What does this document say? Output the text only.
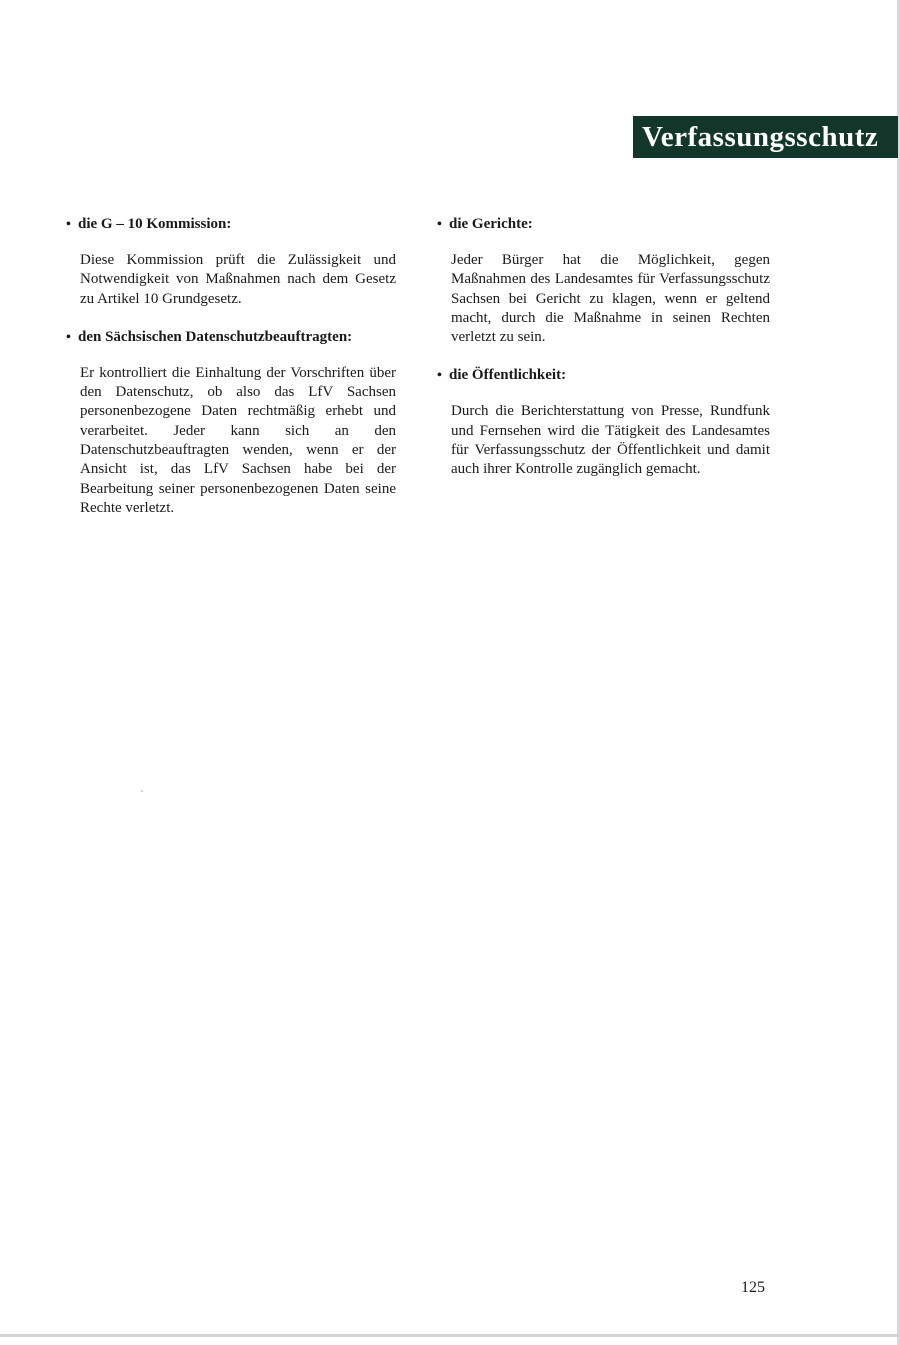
Verfassungsschutz
• die G – 10 Kommission:

Diese Kommission prüft die Zulässigkeit und Notwendigkeit von Maßnahmen nach dem Gesetz zu Artikel 10 Grundgesetz.

• den Sächsischen Datenschutzbeauftragten:

Er kontrolliert die Einhaltung der Vorschriften über den Datenschutz, ob also das LfV Sachsen personenbezogene Daten rechtmäßig erhebt und verarbeitet. Jeder kann sich an den Datenschutzbeauftragten wenden, wenn er der Ansicht ist, das LfV Sachsen habe bei der Bearbeitung seiner personenbezogenen Daten seine Rechte verletzt.

• die Gerichte:

Jeder Bürger hat die Möglichkeit, gegen Maßnahmen des Landesamtes für Verfassungsschutz Sachsen bei Gericht zu klagen, wenn er geltend macht, durch die Maßnahme in seinen Rechten verletzt zu sein.

• die Öffentlichkeit:

Durch die Berichterstattung von Presse, Rundfunk und Fernsehen wird die Tätigkeit des Landesamtes für Verfassungsschutz der Öffentlichkeit und damit auch ihrer Kontrolle zugänglich gemacht.

125
